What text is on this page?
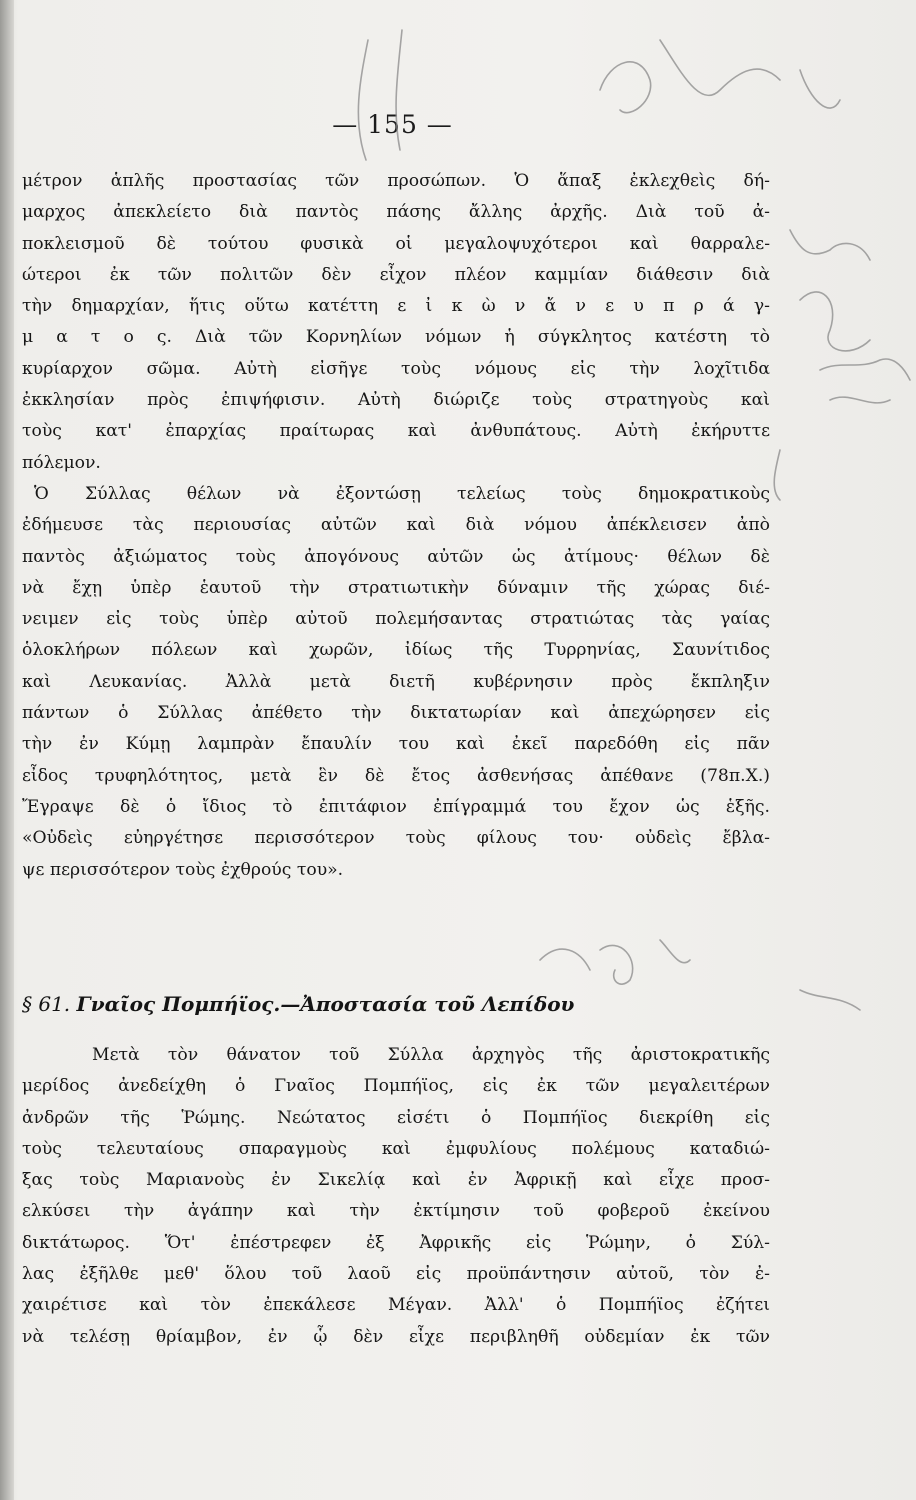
— 155 —
μέτρον ἁπλῆς προστασίας τῶν προσώπων. Ὁ ἅπαξ ἐκλεχθεὶς δή-
μαρχος ἀπεκλείετο διὰ παντὸς πάσης ἄλλης ἀρχῆς. Διὰ τοῦ ἀ-
ποκλεισμοῦ δὲ τούτου φυσικὰ οἱ μεγαλοψυχότεροι καὶ θαρραλε-
ώτεροι ἐκ τῶν πολιτῶν δὲν εἶχον πλέον καμμίαν διάθεσιν διὰ
τὴν δημαρχίαν, ἥτις οὕτω κατέττη ε ἰ κ ὼ ν ἄ ν ε υ π ρ ά γ-
μ α τ ο ς. Διὰ τῶν Κορνηλίων νόμων ἡ σύγκλητος κατέστη τὸ
κυρίαρχον σῶμα. Αὐτὴ εἰσῆγε τοὺς νόμους εἰς τὴν λοχῖτιδα
ἐκκλησίαν πρὸς ἐπιψήφισιν. Αὐτὴ διώριζε τοὺς στρατηγοὺς καὶ
τοὺς κατ' ἐπαρχίας πραίτωρας καὶ ἀνθυπάτους. Αὐτὴ ἐκήρυττε
πόλεμον.
Ὁ Σύλλας θέλων νὰ ἐξοντώσῃ τελείως τοὺς δημοκρατικοὺς
ἐδήμευσε τὰς περιουσίας αὐτῶν καὶ διὰ νόμου ἀπέκλεισεν ἀπὸ
παντὸς ἀξιώματος τοὺς ἀπογόνους αὐτῶν ὡς ἀτίμους· θέλων δὲ
νὰ ἔχῃ ὑπὲρ ἑαυτοῦ τὴν στρατιωτικὴν δύναμιν τῆς χώρας διέ-
νειμεν εἰς τοὺς ὑπὲρ αὐτοῦ πολεμήσαντας στρατιώτας τὰς γαίας
ὁλοκλήρων πόλεων καὶ χωρῶν, ἰδίως τῆς Τυρρηνίας, Σαυνίτιδος
καὶ Λευκανίας. Ἀλλὰ μετὰ διετῆ κυβέρνησιν πρὸς ἔκπληξιν
πάντων ὁ Σύλλας ἀπέθετο τὴν δικτατωρίαν καὶ ἀπεχώρησεν εἰς
τὴν ἐν Κύμῃ λαμπρὰν ἔπαυλίν του καὶ ἐκεῖ παρεδόθη εἰς πᾶν
εἶδος τρυφηλότητος, μετὰ ἓν δὲ ἔτος ἀσθενήσας ἀπέθανε (78π.Χ.)
Ἔγραψε δὲ ὁ ἴδιος τὸ ἐπιτάφιον ἐπίγραμμά του ἔχον ὡς ἑξῆς.
«Οὐδεὶς εὐηργέτησε περισσότερον τοὺς φίλους του· οὐδεὶς ἔβλα-
ψε περισσότερον τοὺς ἐχθρούς του».
§ 61. Γναῖος Πομπήϊος.—Ἀποστασία τοῦ Λεπίδου
Μετὰ τὸν θάνατον τοῦ Σύλλα ἀρχηγὸς τῆς ἀριστοκρατικῆς
μερίδος ἀνεδείχθη ὁ Γναῖος Πομπήϊος, εἰς ἐκ τῶν μεγαλειτέρων
ἀνδρῶν τῆς Ῥώμης. Νεώτατος εἰσέτι ὁ Πομπήϊος διεκρίθη εἰς
τοὺς τελευταίους σπαραγμοὺς καὶ ἐμφυλίους πολέμους καταδιώ-
ξας τοὺς Μαριανοὺς ἐν Σικελίᾳ καὶ ἐν Ἀφρικῇ καὶ εἶχε προσ-
ελκύσει τὴν ἀγάπην καὶ τὴν ἐκτίμησιν τοῦ φοβεροῦ ἐκείνου
δικτάτωρος. Ὅτ' ἐπέστρεφεν ἐξ Ἀφρικῆς εἰς Ῥώμην, ὁ Σύλ-
λας ἐξῆλθε μεθ' ὅλου τοῦ λαοῦ εἰς προϋπάντησιν αὐτοῦ, τὸν ἐ-
χαιρέτισε καὶ τὸν ἐπεκάλεσε Μέγαν. Ἀλλ' ὁ Πομπήϊος ἐζήτει
νὰ τελέσῃ θρίαμβον, ἐν ᾧ δὲν εἶχε περιβληθῆ οὐδεμίαν ἐκ τῶν
